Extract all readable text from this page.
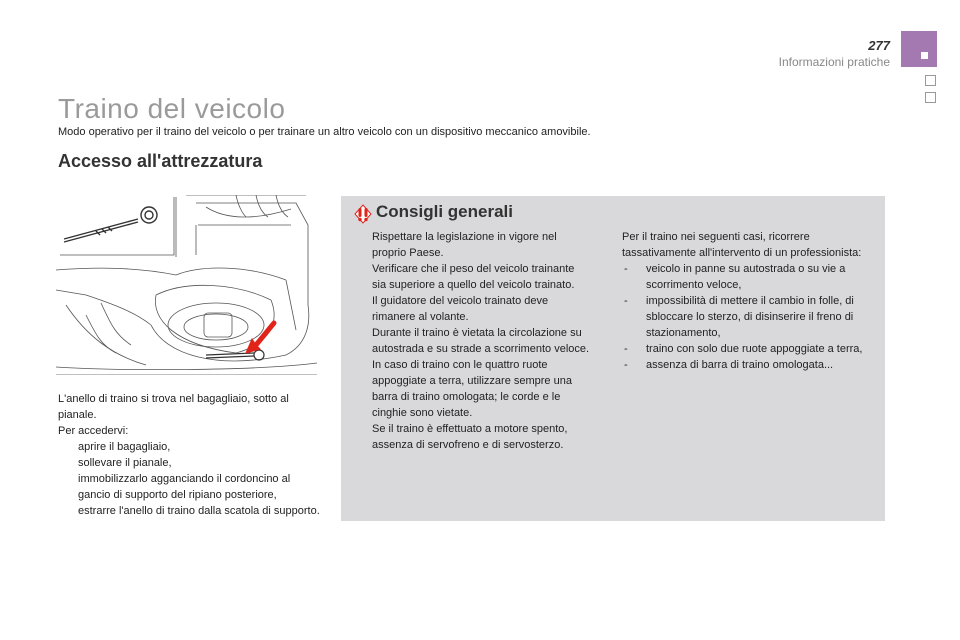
277
Informazioni pratiche
Traino del veicolo
Modo operativo per il traino del veicolo o per trainare un altro veicolo con un dispositivo meccanico amovibile.
Accesso all'attrezzatura

L'anello di traino si trova nel bagagliaio, sotto al pianale.

Per accedervi:

aprire il bagagliaio,
sollevare il pianale,
immobilizzarlo agganciando il cordoncino al gancio di supporto del ripiano posteriore,
estrarre l'anello di traino dalla scatola di supporto.
Consigli generali

Rispettare la legislazione in vigore nel proprio Paese.

Verificare che il peso del veicolo trainante sia superiore a quello del veicolo trainato.

Il guidatore del veicolo trainato deve rimanere al volante.

Durante il traino è vietata la circolazione su autostrada e su strade a scorrimento veloce.

In caso di traino con le quattro ruote appoggiate a terra, utilizzare sempre una barra di traino omologata; le corde e le cinghie sono vietate.

Se il traino è effettuato a motore spento, assenza di servofreno e di servosterzo.

Per il traino nei seguenti casi, ricorrere tassativamente all'intervento di un professionista:

- veicolo in panne su autostrada o su vie a scorrimento veloce,
- impossibilità di mettere il cambio in folle, di sbloccare lo sterzo, di disinserire il freno di stazionamento,
- traino con solo due ruote appoggiate a terra,
- assenza di barra di traino omologata...
